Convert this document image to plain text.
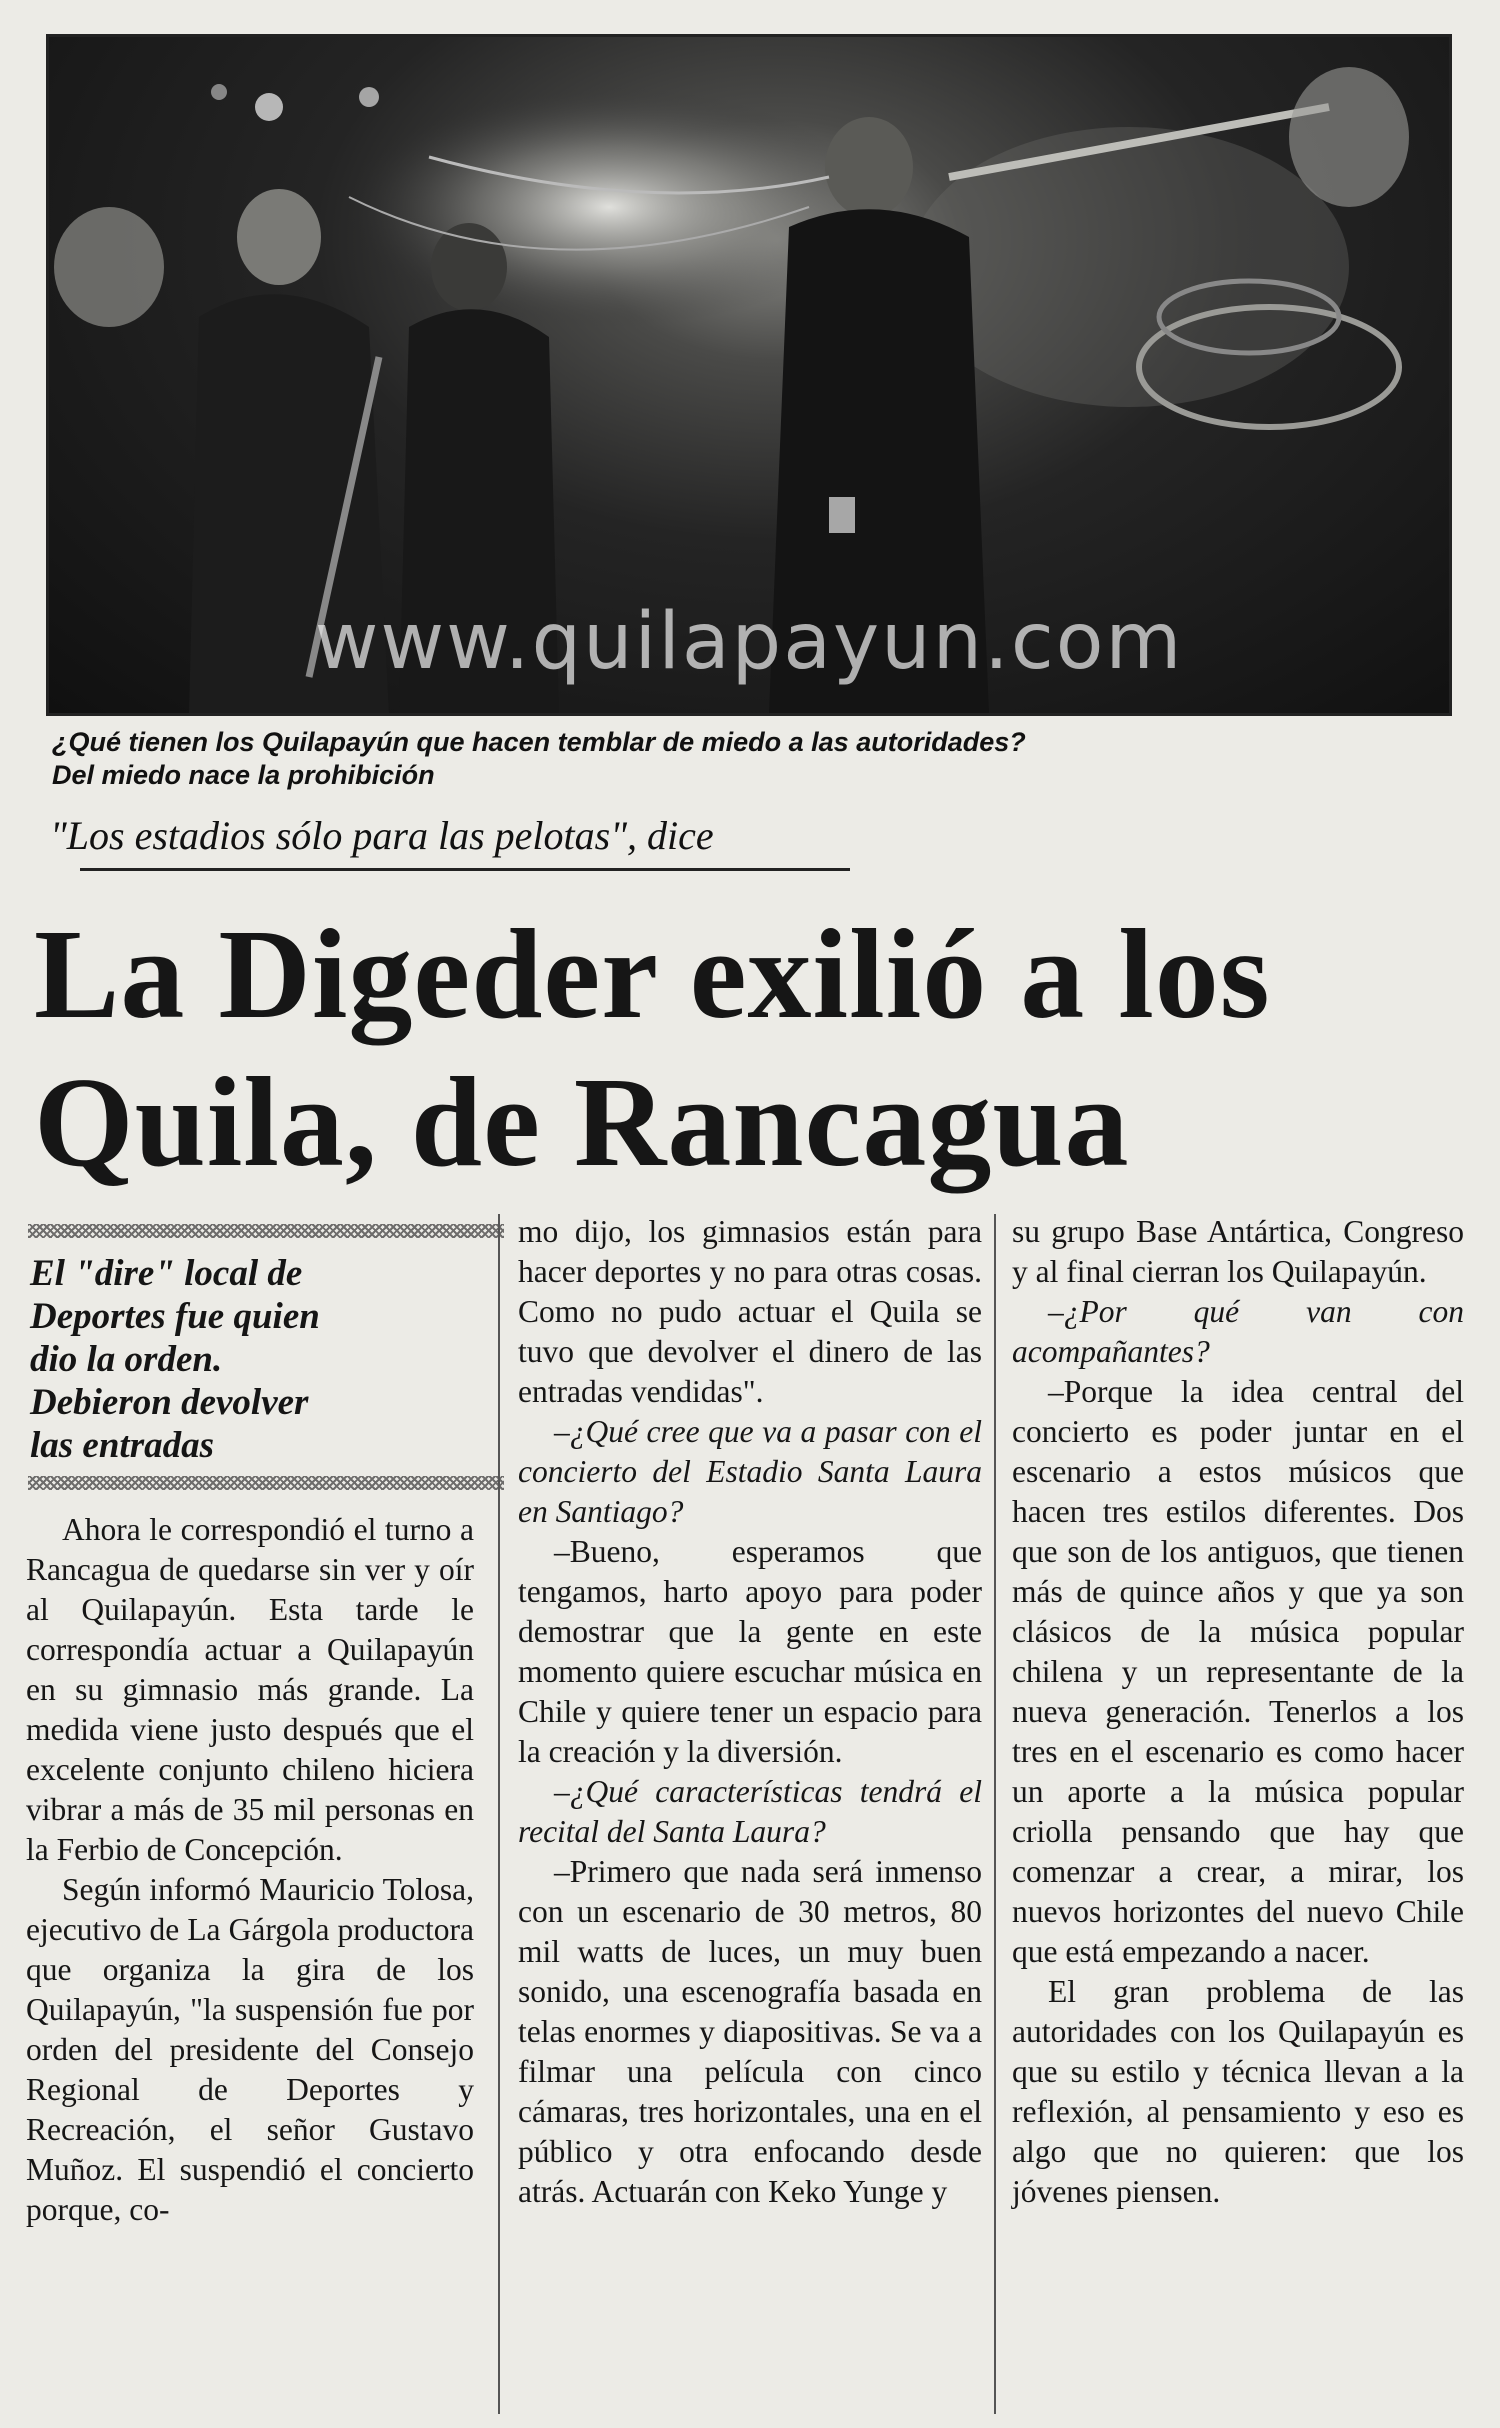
www.quilapayun.com
¿Qué tienen los Quilapayún que hacen temblar de miedo a las autoridades?
Del miedo nace la prohibición
"Los estadios sólo para las pelotas", dice
La Digeder exilió a los
Quila, de Rancagua
El "dire" local de
Deportes fue quien
dio la orden.
Debieron devolver
las entradas

Ahora le correspondió el turno a Rancagua de quedarse sin ver y oír al Quilapayún. Esta tarde le correspondía actuar a Quilapayún en su gimnasio más grande. La medida viene justo después que el excelente conjunto chileno hiciera vibrar a más de 35 mil personas en la Ferbio de Concepción.

Según informó Mauricio Tolosa, ejecutivo de La Gárgola productora que organiza la gira de los Quilapayún, "la suspensión fue por orden del presidente del Consejo Regional de Deportes y Recreación, el señor Gustavo Muñoz. El suspendió el concierto porque, co-

mo dijo, los gimnasios están para hacer deportes y no para otras cosas. Como no pudo actuar el Quila se tuvo que devolver el dinero de las entradas vendidas".

–¿Qué cree que va a pasar con el concierto del Estadio Santa Laura en Santiago?

–Bueno, esperamos que tengamos, harto apoyo para poder demostrar que la gente en este momento quiere escuchar música en Chile y quiere tener un espacio para la creación y la diversión.

–¿Qué características tendrá el recital del Santa Laura?

–Primero que nada será inmenso con un escenario de 30 metros, 80 mil watts de luces, un muy buen sonido, una escenografía basada en telas enormes y diapositivas. Se va a filmar una película con cinco cámaras, tres horizontales, una en el público y otra enfocando desde atrás. Actuarán con Keko Yunge y

su grupo Base Antártica, Congreso y al final cierran los Quilapayún.

–¿Por qué van con acompañantes?

–Porque la idea central del concierto es poder juntar en el escenario a estos músicos que hacen tres estilos diferentes. Dos que son de los antiguos, que tienen más de quince años y que ya son clásicos de la música popular chilena y un representante de la nueva generación. Tenerlos a los tres en el escenario es como hacer un aporte a la música popular criolla pensando que hay que comenzar a crear, a mirar, los nuevos horizontes del nuevo Chile que está empezando a nacer.

El gran problema de las autoridades con los Quilapayún es que su estilo y técnica llevan a la reflexión, al pensamiento y eso es algo que no quieren: que los jóvenes piensen.
